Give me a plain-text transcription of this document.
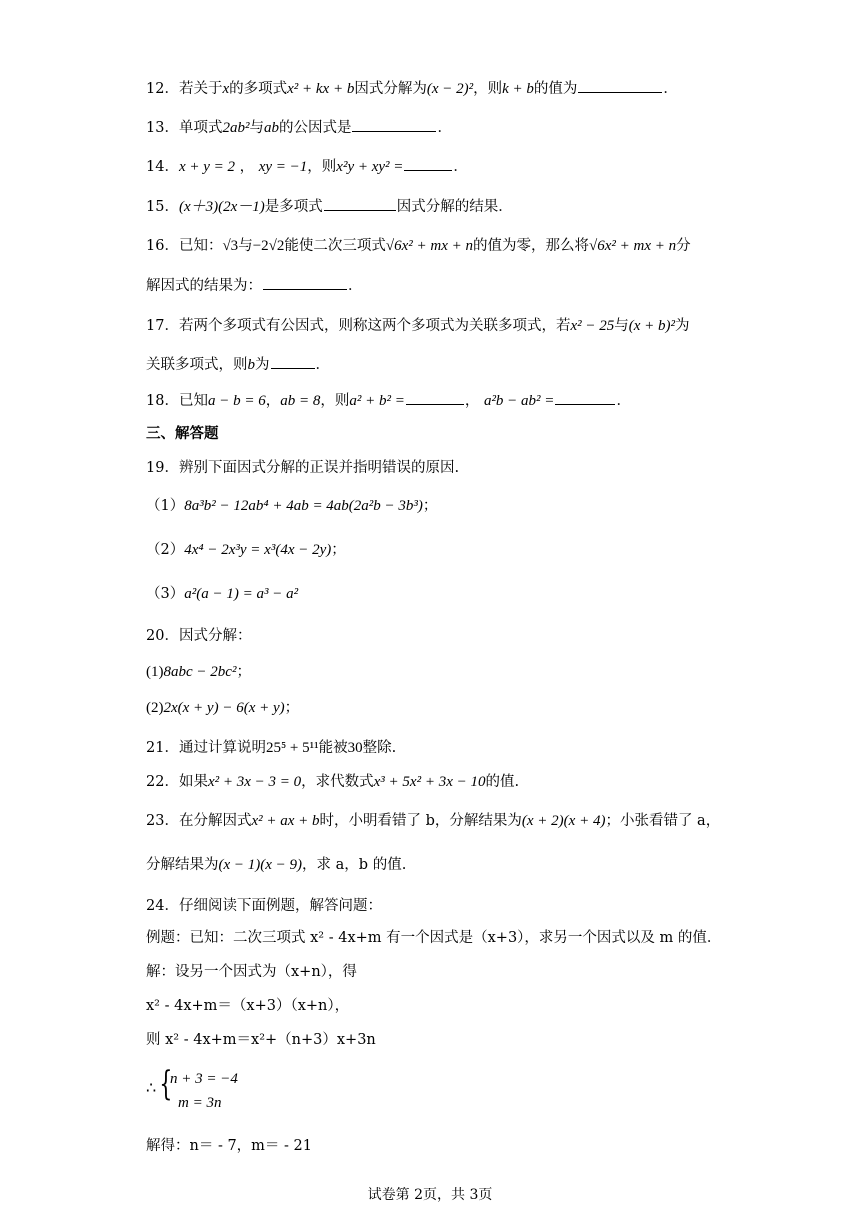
12．若关于x的多项式x² + kx + b因式分解为(x − 2)²，则k + b的值为	．
13．单项式2ab²与ab的公因式是	．
14．x + y = 2 ， xy = −1，则x²y + xy² =	．
15．(x＋3)(2x－1)是多项式	因式分解的结果．
16．已知：√3与−2√2能使二次三项式√6x² + mx + n的值为零，那么将√6x² + mx + n分
解因式的结果为：	．
17．若两个多项式有公因式，则称这两个多项式为关联多项式，若x² − 25与(x + b)²为
关联多项式，则b为	．
18．已知a − b = 6，ab = 8，则a² + b² =	， a²b − ab² =	．
三、解答题
19．辨别下面因式分解的正误并指明错误的原因.
（1）8a³b² − 12ab⁴ + 4ab = 4ab(2a²b − 3b³)；
（2）4x⁴ − 2x³y = x³(4x − 2y)；
（3）a²(a − 1) = a³ − a²
20．因式分解：
(1)8abc − 2bc²；
(2)2x(x + y) − 6(x + y)；
21．通过计算说明25⁵ + 5¹¹能被30整除.
22．如果x² + 3x − 3 = 0，求代数式x³ + 5x² + 3x − 10的值.
23．在分解因式x² + ax + b时，小明看错了 b，分解结果为(x + 2)(x + 4)；小张看错了 a，
分解结果为(x − 1)(x − 9)，求 a，b 的值.
24．仔细阅读下面例题，解答问题：
例题：已知：二次三项式 x² - 4x+m 有一个因式是（x+3），求另一个因式以及 m 的值．
解：设另一个因式为（x+n），得
x² - 4x+m＝（x+3）（x+n），
则 x² - 4x+m＝x²+（n+3）x+3n
∴ {
n + 3 = −4
m = 3n
解得：n＝ - 7，m＝ - 21
试卷第 2页，共 3页
